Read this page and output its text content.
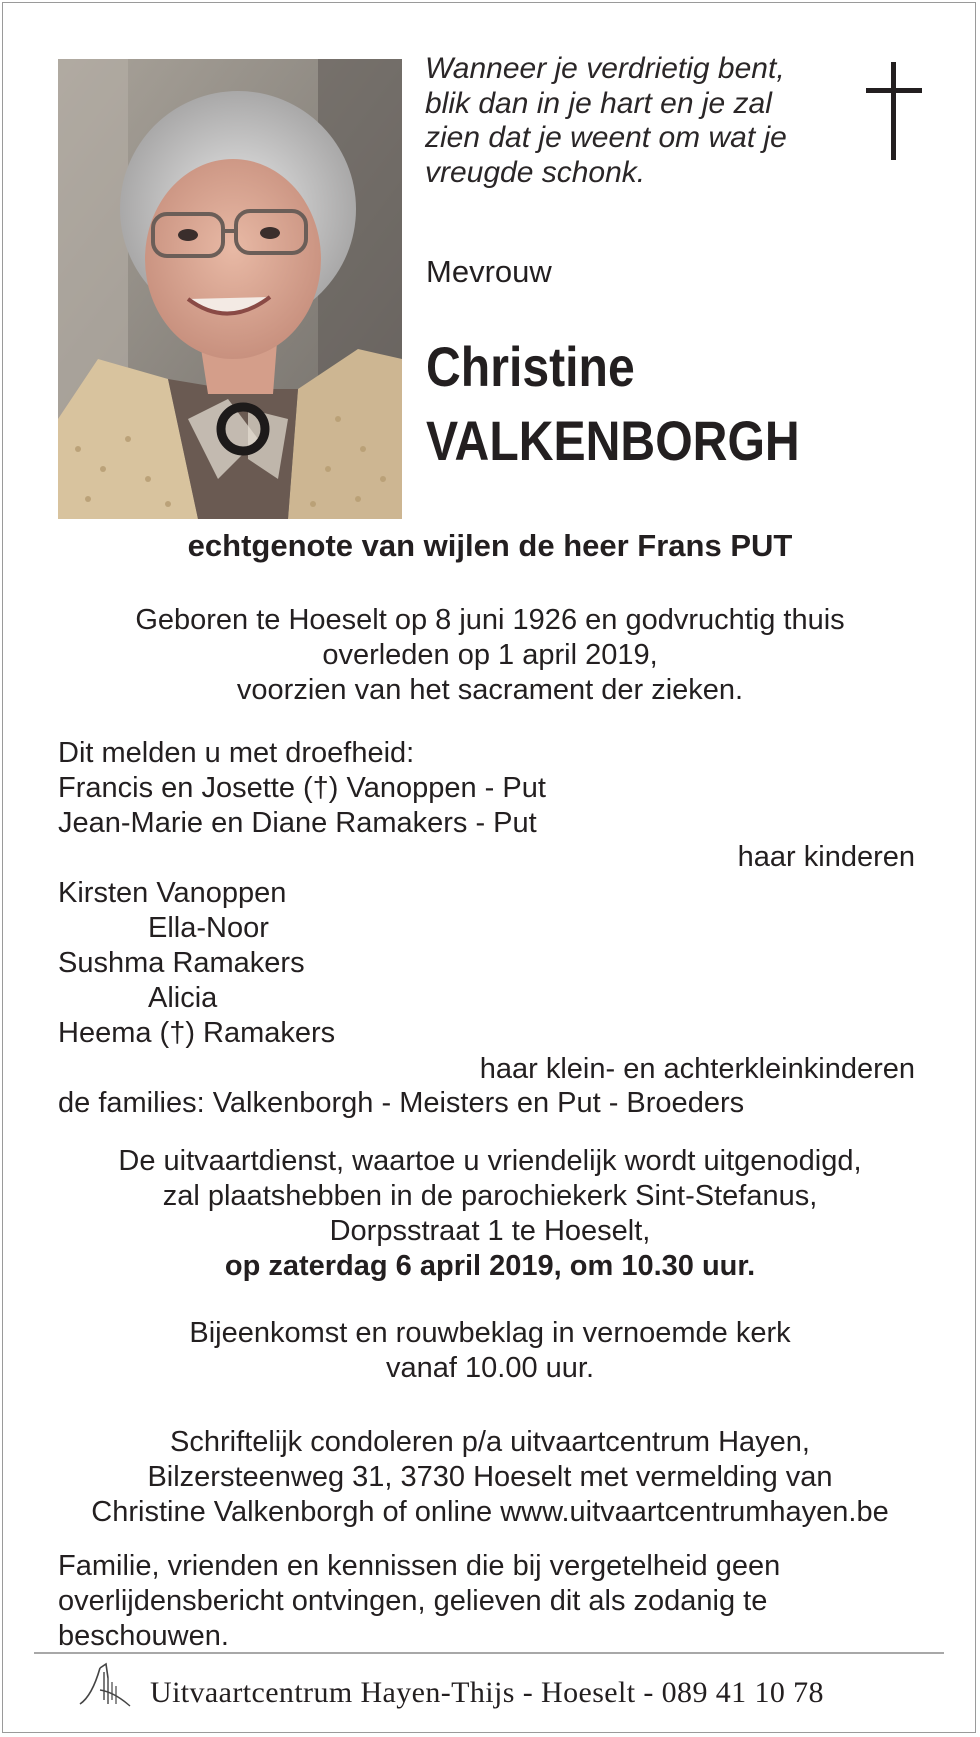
Wanneer je verdrietig bent,
blik dan in je hart en je zal
zien dat je weent om wat je
vreugde schonk.
Mevrouw
Christine
VALKENBORGH
echtgenote van wijlen de heer Frans PUT
Geboren te Hoeselt op 8 juni 1926 en godvruchtig thuis
overleden op 1 april 2019,
voorzien van het sacrament der zieken.
Dit melden u met droefheid:
Francis en Josette (†) Vanoppen - Put
Jean-Marie en Diane Ramakers - Put
haar kinderen
Kirsten Vanoppen
Ella-Noor
Sushma Ramakers
Alicia
Heema (†) Ramakers
haar klein- en achterkleinkinderen
de families: Valkenborgh - Meisters en Put - Broeders
De uitvaartdienst, waartoe u vriendelijk wordt uitgenodigd,
zal plaatshebben in de parochiekerk Sint-Stefanus,
Dorpsstraat 1 te Hoeselt,
op zaterdag 6 april 2019, om 10.30 uur.
Bijeenkomst en rouwbeklag in vernoemde kerk
vanaf 10.00 uur.
Schriftelijk condoleren p/a uitvaartcentrum Hayen,
Bilzersteenweg 31, 3730 Hoeselt met vermelding van
Christine Valkenborgh of online www.uitvaartcentrumhayen.be
Familie, vrienden en kennissen die bij vergetelheid geen
overlijdensbericht ontvingen, gelieven dit als zodanig te
beschouwen.
Uitvaartcentrum Hayen-Thijs - Hoeselt - 089 41 10 78
